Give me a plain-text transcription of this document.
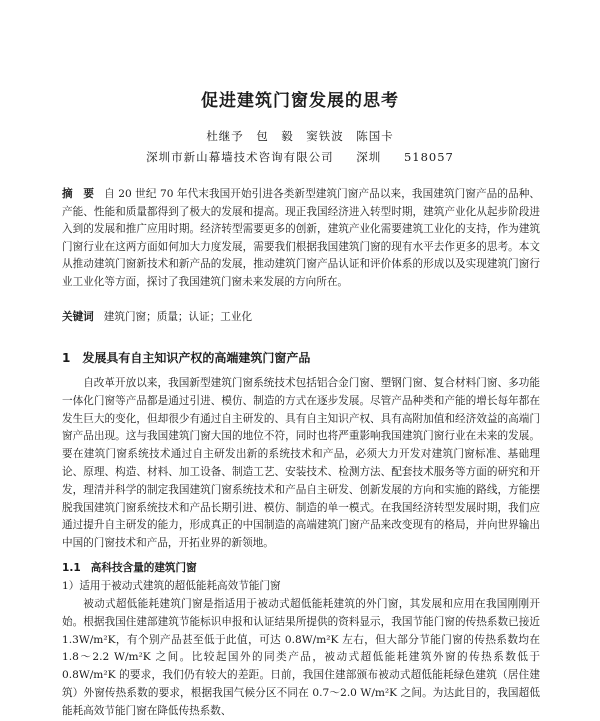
促进建筑门窗发展的思考
杜继予　包　毅　窦铁波　陈国卡
深圳市新山幕墙技术咨询有限公司 深圳 518057
摘　要 自 20 世纪 70 年代末我国开始引进各类新型建筑门窗产品以来，我国建筑门窗产品的品种、产能、性能和质量都得到了极大的发展和提高。现正我国经济进入转型时期，建筑产业化从起步阶段进入到的发展和推广应用时期。经济转型需要更多的创新，建筑产业化需要建筑工业化的支持，作为建筑门窗行业在这两方面如何加大力度发展，需要我们根据我国建筑门窗的现有水平去作更多的思考。本文从推动建筑门窗新技术和新产品的发展，推动建筑门窗产品认证和评价体系的形成以及实现建筑门窗行业工业化等方面，探讨了我国建筑门窗未来发展的方向所在。
关键词 建筑门窗；质量；认证；工业化
1 发展具有自主知识产权的高端建筑门窗产品
自改革开放以来，我国新型建筑门窗系统技术包括铝合金门窗、塑钢门窗、复合材料门窗、多功能一体化门窗等产品都是通过引进、模仿、制造的方式在逐步发展。尽管产品种类和产能的增长每年都在发生巨大的变化，但却很少有通过自主研发的、具有自主知识产权、具有高附加值和经济效益的高端门窗产品出现。这与我国建筑门窗大国的地位不符，同时也将严重影响我国建筑门窗行业在未来的发展。要在建筑门窗系统技术通过自主研发出新的系统技术和产品，必须大力开发对建筑门窗标准、基础理论、原理、构造、材料、加工设备、制造工艺、安装技术、检测方法、配套技术服务等方面的研究和开发，理清并科学的制定我国建筑门窗系统技术和产品自主研发、创新发展的方向和实施的路线，方能摆脱我国建筑门窗系统技术和产品长期引进、模仿、制造的单一模式。在我国经济转型发展时期，我们应通过提升自主研发的能力，形成真正的中国制造的高端建筑门窗产品来改变现有的格局，并向世界输出中国的门窗技术和产品，开拓业界的新领地。
1.1 高科技含量的建筑门窗
1）适用于被动式建筑的超低能耗高效节能门窗
被动式超低能耗建筑门窗是指适用于被动式超低能耗建筑的外门窗，其发展和应用在我国刚刚开始。根据我国住建部建筑节能标识申报和认证结果所提供的资料显示，我国节能门窗的传热系数已接近 1.3W/m²K，有个别产品甚至低于此值，可达 0.8W/m²K 左右，但大部分节能门窗的传热系数均在 1.8～2.2 W/m²K 之间。比较起国外的同类产品，被动式超低能耗建筑外窗的传热系数低于 0.8W/m²K 的要求，我们仍有较大的差距。日前，我国住建部颁布被动式超低能耗绿色建筑（居住建筑）外窗传热系数的要求，根据我国气候分区不同在 0.7～2.0 W/m²K 之间。为达此目的，我国超低能耗高效节能门窗在降低传热系数、
